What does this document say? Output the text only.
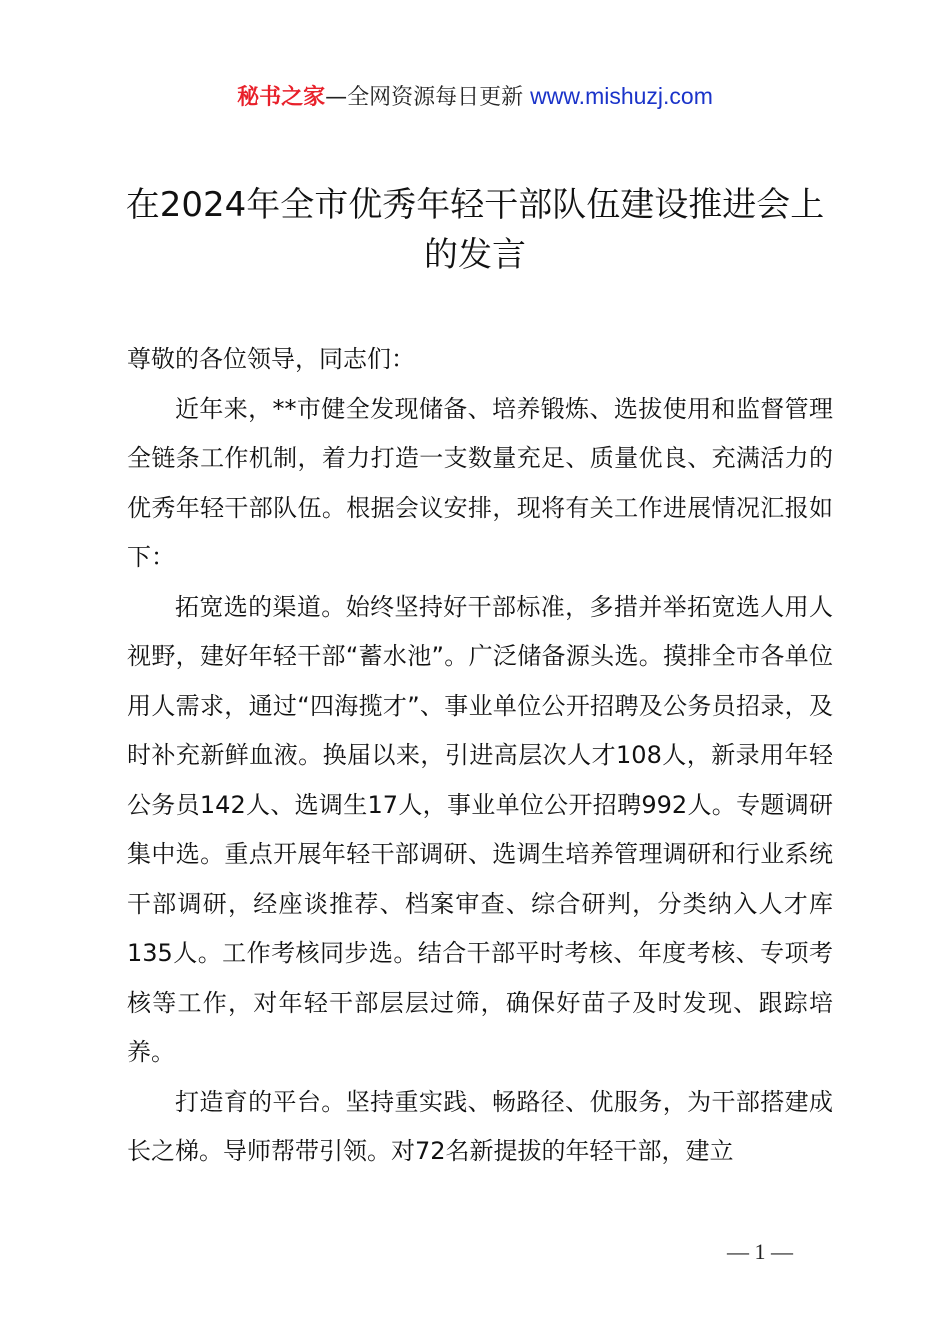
秘书之家—全网资源每日更新 www.mishuzj.com
在2024年全市优秀年轻干部队伍建设推进会上的发言

尊敬的各位领导，同志们：

近年来，**市健全发现储备、培养锻炼、选拔使用和监督管理全链条工作机制，着力打造一支数量充足、质量优良、充满活力的优秀年轻干部队伍。根据会议安排，现将有关工作进展情况汇报如下：

拓宽选的渠道。始终坚持好干部标准，多措并举拓宽选人用人视野，建好年轻干部“蓄水池”。广泛储备源头选。摸排全市各单位用人需求，通过“四海揽才”、事业单位公开招聘及公务员招录，及时补充新鲜血液。换届以来，引进高层次人才108人，新录用年轻公务员142人、选调生17人，事业单位公开招聘992人。专题调研集中选。重点开展年轻干部调研、选调生培养管理调研和行业系统干部调研，经座谈推荐、档案审查、综合研判，分类纳入人才库135人。工作考核同步选。结合干部平时考核、年度考核、专项考核等工作，对年轻干部层层过筛，确保好苗子及时发现、跟踪培养。

打造育的平台。坚持重实践、畅路径、优服务，为干部搭建成长之梯。导师帮带引领。对72名新提拔的年轻干部，建立

— 1 —
